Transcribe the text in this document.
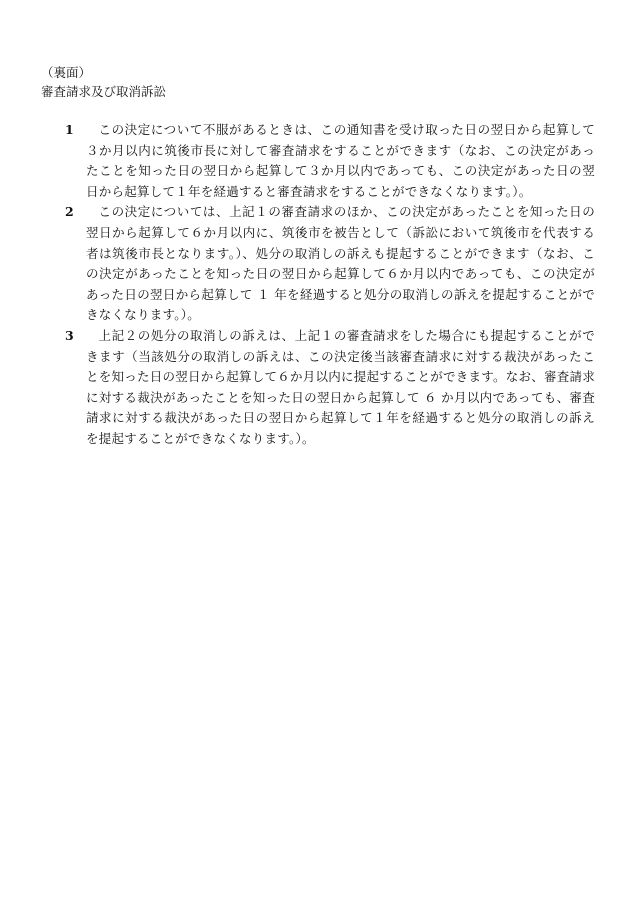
（裏面）

審査請求及び取消訴訟
1	この決定について不服があるときは、この通知書を受け取った日の翌日から起算して３か月以内に筑後市長に対して審査請求をすることができます（なお、この決定があったことを知った日の翌日から起算して３か月以内であっても、この決定があった日の翌日から起算して１年を経過すると審査請求をすることができなくなります。）。

2	この決定については、上記１の審査請求のほか、この決定があったことを知った日の翌日から起算して６か月以内に、筑後市を被告として（訴訟において筑後市を代表する者は筑後市長となります。）、処分の取消しの訴えも提起することができます（なお、この決定があったことを知った日の翌日から起算して６か月以内であっても、この決定があった日の翌日から起算して １ 年を経過すると処分の取消しの訴えを提起することができなくなります。）。

3	上記２の処分の取消しの訴えは、上記１の審査請求をした場合にも提起することができます（当該処分の取消しの訴えは、この決定後当該審査請求に対する裁決があったことを知った日の翌日から起算して６か月以内に提起することができます。なお、審査請求に対する裁決があったことを知った日の翌日から起算して ６ か月以内であっても、審査請求に対する裁決があった日の翌日から起算して１年を経過すると処分の取消しの訴えを提起することができなくなります。）。
